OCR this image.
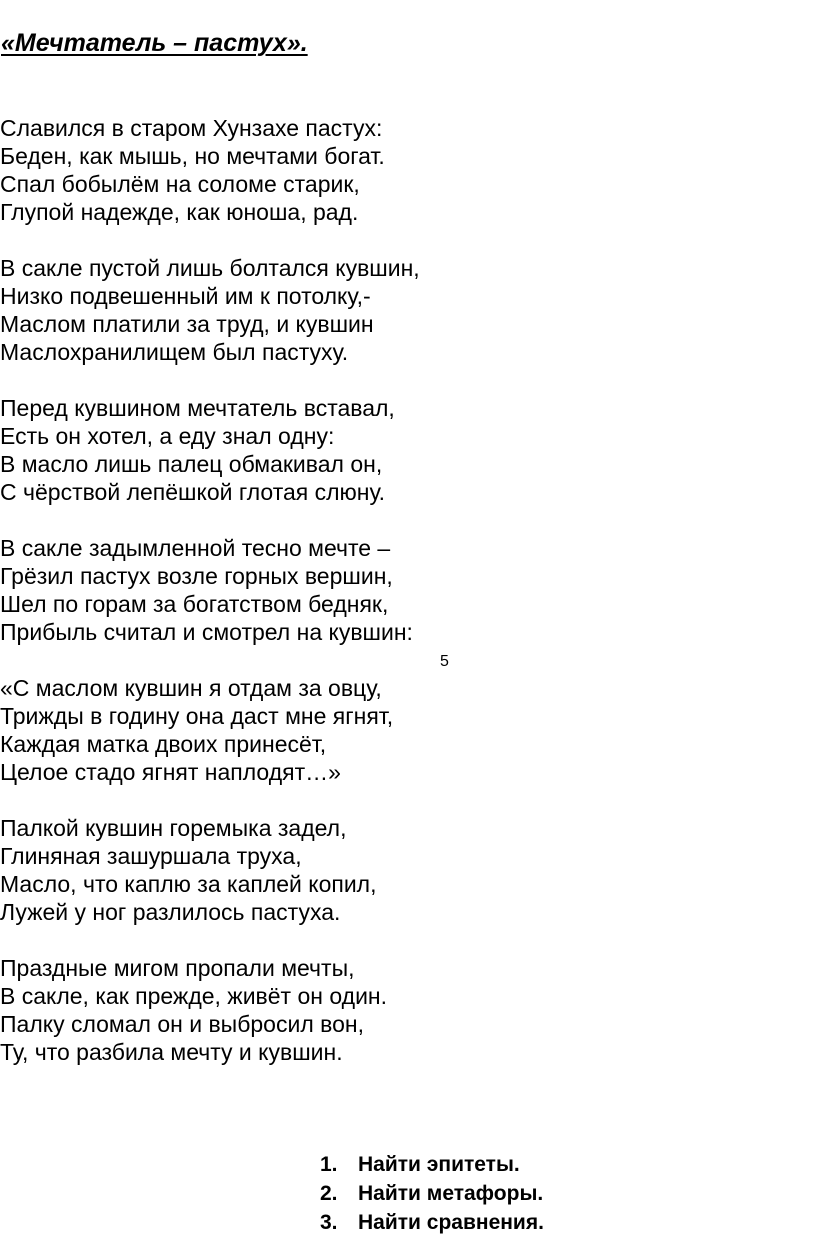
«Мечтатель – пастух».
Славился в старом Хунзахе пастух:
Беден, как мышь, но мечтами богат.
Спал бобылём на соломе старик,
Глупой надежде, как юноша, рад.
В сакле пустой лишь болтался кувшин,
Низко подвешенный им к потолку,-
Маслом платили за труд, и кувшин
Маслохранилищем был пастуху.
Перед кувшином мечтатель вставал,
Есть он хотел, а еду знал одну:
В масло лишь палец обмакивал он,
С чёрствой лепёшкой глотая слюну.
В сакле задымленной тесно мечте –
Грёзил пастух возле горных вершин,
Шел по горам за богатством бедняк,
Прибыль считал и смотрел на кувшин:
«С маслом кувшин я отдам за овцу,
Трижды в годину она даст мне ягнят,
Каждая матка двоих принесёт,
Целое стадо ягнят наплодят…»
Палкой кувшин горемыка задел,
Глиняная зашуршала труха,
Масло, что каплю за каплей копил,
Лужей у ног разлилось пастуха.
Праздные мигом пропали мечты,
В сакле, как прежде, живёт он один.
Палку сломал он и выбросил вон,
Ту, что разбила мечту и кувшин.
5
1. Найти эпитеты.
2. Найти метафоры.
3. Найти сравнения.
